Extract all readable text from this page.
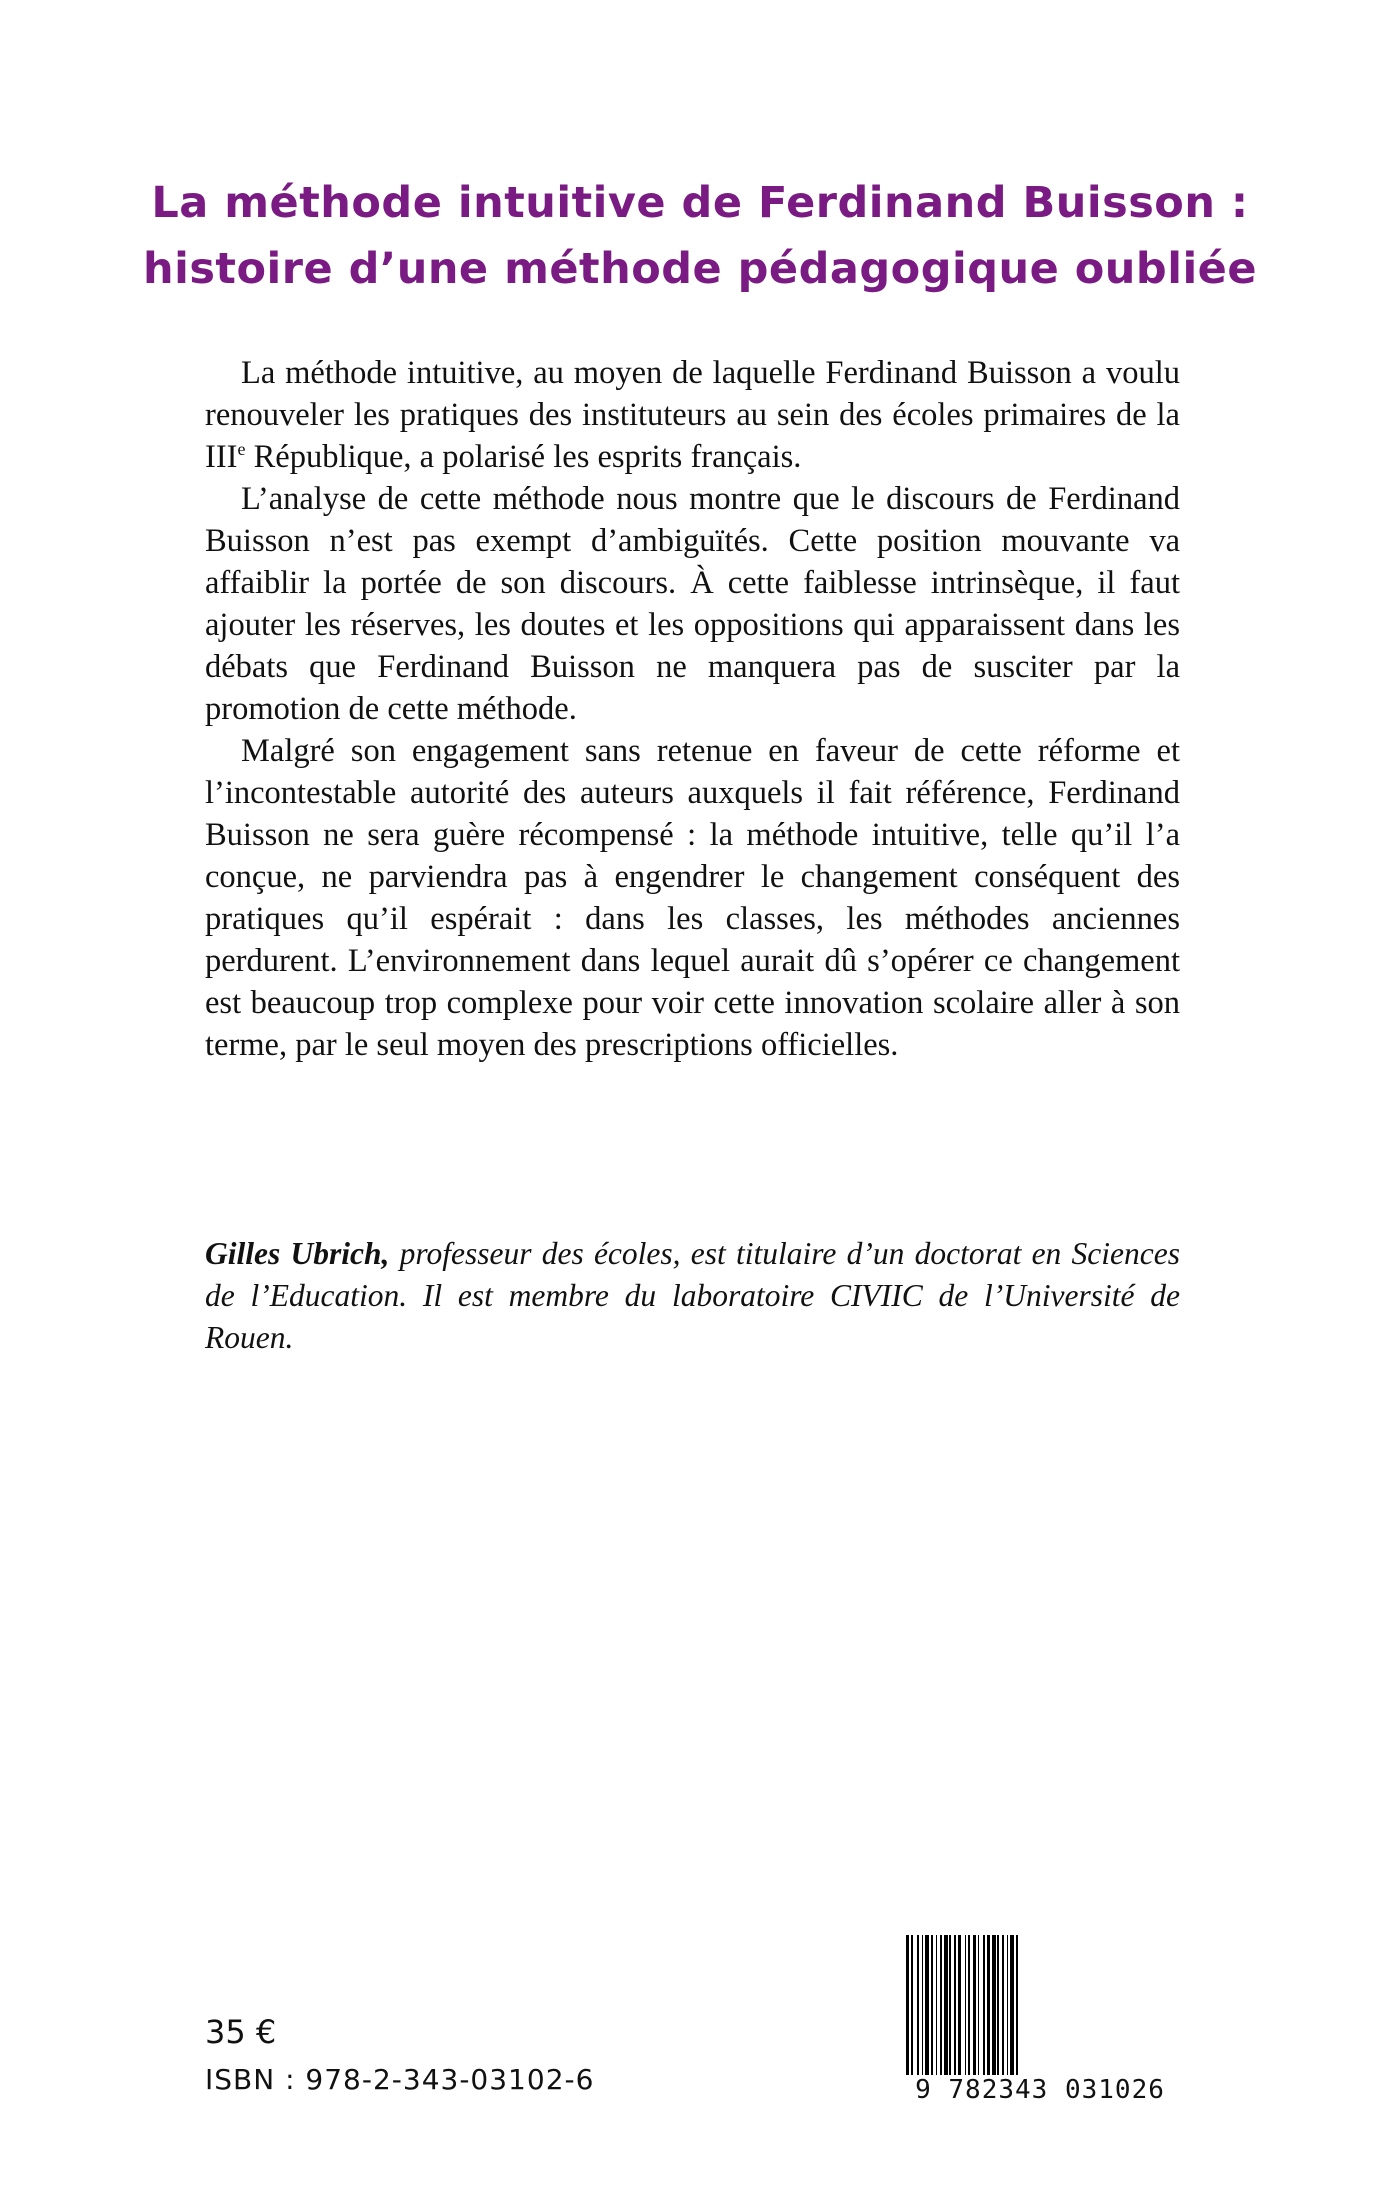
La méthode intuitive de Ferdinand Buisson :
histoire d’une méthode pédagogique oubliée

La méthode intuitive, au moyen de laquelle Ferdinand Buisson a voulu renouveler les pratiques des instituteurs au sein des écoles primaires de la IIIe République, a polarisé les esprits français.

L’analyse de cette méthode nous montre que le discours de Ferdinand Buisson n’est pas exempt d’ambiguïtés. Cette position mouvante va affaiblir la portée de son discours. À cette faiblesse intrinsèque, il faut ajouter les réserves, les doutes et les oppositions qui apparaissent dans les débats que Ferdinand Buisson ne manquera pas de susciter par la promotion de cette méthode.

Malgré son engagement sans retenue en faveur de cette réforme et l’incontestable autorité des auteurs auxquels il fait référence, Ferdinand Buisson ne sera guère récompensé : la méthode intuitive, telle qu’il l’a conçue, ne parviendra pas à engendrer le changement conséquent des pratiques qu’il espérait : dans les classes, les méthodes anciennes perdurent. L’environnement dans lequel aurait dû s’opérer ce changement est beaucoup trop complexe pour voir cette innovation scolaire aller à son terme, par le seul moyen des prescriptions officielles.

Gilles Ubrich, professeur des écoles, est titulaire d’un doctorat en Sciences de l’Education. Il est membre du laboratoire CIVIIC de l’Université de Rouen.
35 €
ISBN : 978-2-343-03102-6	9 782343 031026
